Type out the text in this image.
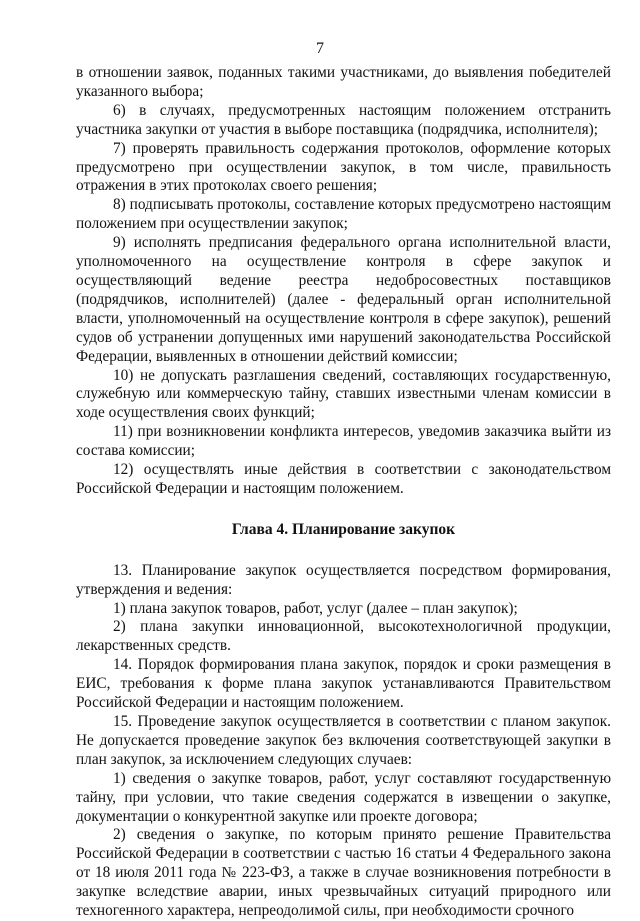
7

в отношении заявок, поданных такими участниками, до выявления победителей указанного выбора;

6) в случаях, предусмотренных настоящим положением отстранить участника закупки от участия в выборе поставщика (подрядчика, исполнителя);

7) проверять правильность содержания протоколов, оформление которых предусмотрено при осуществлении закупок, в том числе, правильность отражения в этих протоколах своего решения;

8) подписывать протоколы, составление которых предусмотрено настоящим положением при осуществлении закупок;

9) исполнять предписания федерального органа исполнительной власти, уполномоченного на осуществление контроля в сфере закупок и осуществляющий ведение реестра недобросовестных поставщиков (подрядчиков, исполнителей) (далее - федеральный орган исполнительной власти, уполномоченный на осуществление контроля в сфере закупок), решений судов об устранении допущенных ими нарушений законодательства Российской Федерации, выявленных в отношении действий комиссии;

10) не допускать разглашения сведений, составляющих государственную, служебную или коммерческую тайну, ставших известными членам комиссии в ходе осуществления своих функций;

11) при возникновении конфликта интересов, уведомив заказчика выйти из состава комиссии;

12) осуществлять иные действия в соответствии с законодательством Российской Федерации и настоящим положением.

Глава 4. Планирование закупок

13. Планирование закупок осуществляется посредством формирования, утверждения и ведения:

1) плана закупок товаров, работ, услуг (далее – план закупок);

2) плана закупки инновационной, высокотехнологичной продукции, лекарственных средств.

14. Порядок формирования плана закупок, порядок и сроки размещения в ЕИС, требования к форме плана закупок устанавливаются Правительством Российской Федерации и настоящим положением.

15. Проведение закупок осуществляется в соответствии с планом закупок. Не допускается проведение закупок без включения соответствующей закупки в план закупок, за исключением следующих случаев:

1) сведения о закупке товаров, работ, услуг составляют государственную тайну, при условии, что такие сведения содержатся в извещении о закупке, документации о конкурентной закупке или проекте договора;

2) сведения о закупке, по которым принято решение Правительства Российской Федерации в соответствии с частью 16 статьи 4 Федерального закона от 18 июля 2011 года № 223-ФЗ, а также в случае возникновения потребности в закупке вследствие аварии, иных чрезвычайных ситуаций природного или техногенного характера, непреодолимой силы, при необходимости срочного
